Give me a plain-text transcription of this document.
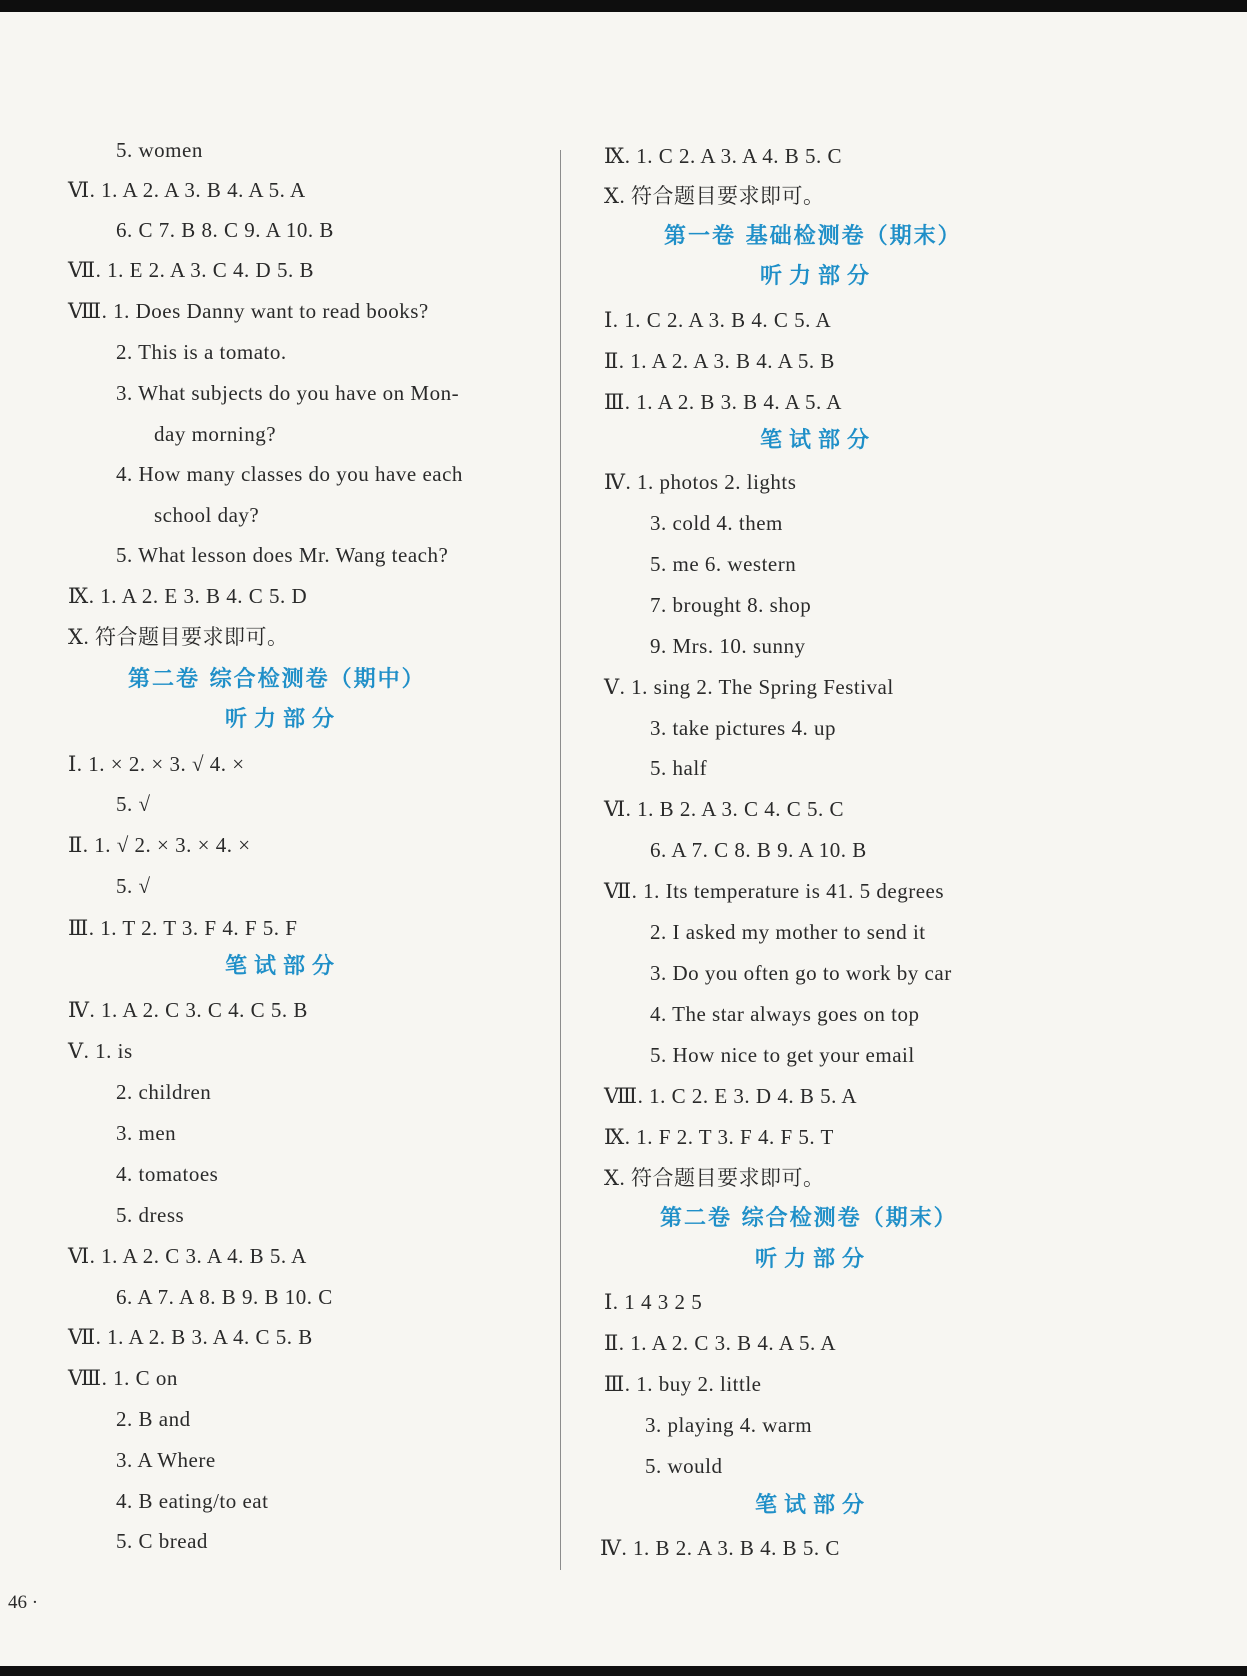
5. women
Ⅵ. 1. A 2. A 3. B 4. A 5. A
6. C 7. B 8. C 9. A 10. B
Ⅶ. 1. E 2. A 3. C 4. D 5. B
Ⅷ. 1. Does Danny want to read books?
2. This is a tomato.
3. What subjects do you have on Mon-
day morning?
4. How many classes do you have each
school day?
5. What lesson does Mr. Wang teach?
Ⅸ. 1. A 2. E 3. B 4. C 5. D
Ⅹ. 符合题目要求即可。
第二卷 综合检测卷（期中）
听力部分
Ⅰ. 1. × 2. × 3. √ 4. ×
5. √
Ⅱ. 1. √ 2. × 3. × 4. ×
5. √
Ⅲ. 1. T 2. T 3. F 4. F 5. F
笔试部分
Ⅳ. 1. A 2. C 3. C 4. C 5. B
Ⅴ. 1. is
2. children
3. men
4. tomatoes
5. dress
Ⅵ. 1. A 2. C 3. A 4. B 5. A
6. A 7. A 8. B 9. B 10. C
Ⅶ. 1. A 2. B 3. A 4. C 5. B
Ⅷ. 1. C on
2. B and
3. A Where
4. B eating/to eat
5. C bread
Ⅸ. 1. C 2. A 3. A 4. B 5. C
Ⅹ. 符合题目要求即可。
第一卷 基础检测卷（期末）
听力部分
Ⅰ. 1. C 2. A 3. B 4. C 5. A
Ⅱ. 1. A 2. A 3. B 4. A 5. B
Ⅲ. 1. A 2. B 3. B 4. A 5. A
笔试部分
Ⅳ. 1. photos 2. lights
3. cold 4. them
5. me 6. western
7. brought 8. shop
9. Mrs. 10. sunny
Ⅴ. 1. sing 2. The Spring Festival
3. take pictures 4. up
5. half
Ⅵ. 1. B 2. A 3. C 4. C 5. C
6. A 7. C 8. B 9. A 10. B
Ⅶ. 1. Its temperature is 41. 5 degrees
2. I asked my mother to send it
3. Do you often go to work by car
4. The star always goes on top
5. How nice to get your email
Ⅷ. 1. C 2. E 3. D 4. B 5. A
Ⅸ. 1. F 2. T 3. F 4. F 5. T
Ⅹ. 符合题目要求即可。
第二卷 综合检测卷（期末）
听力部分
Ⅰ. 1 4 3 2 5
Ⅱ. 1. A 2. C 3. B 4. A 5. A
Ⅲ. 1. buy 2. little
3. playing 4. warm
5. would
笔试部分
Ⅳ. 1. B 2. A 3. B 4. B 5. C
46 ·
